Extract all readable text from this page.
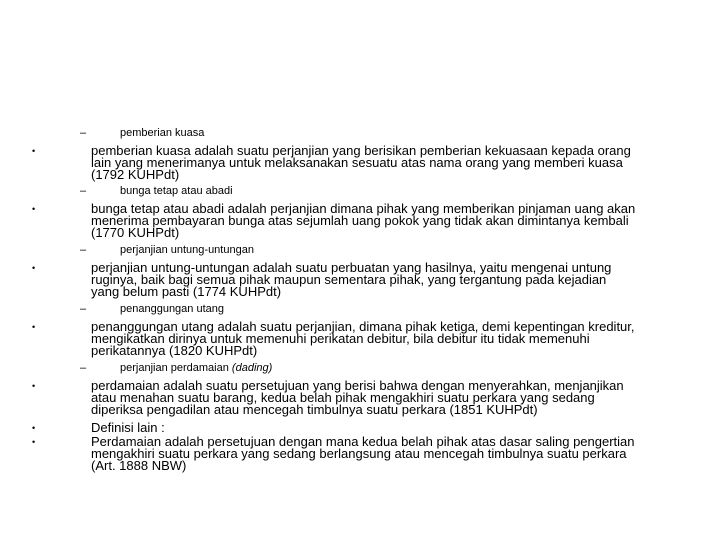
–	pemberian kuasa
•	pemberian kuasa adalah suatu perjanjian yang berisikan pemberian kekuasaan kepada orang
lain yang menerimanya untuk melaksanakan sesuatu atas nama orang yang memberi kuasa
(1792 KUHPdt)
–	bunga tetap atau abadi
•	bunga tetap atau abadi adalah perjanjian dimana pihak yang memberikan pinjaman uang akan
menerima pembayaran bunga atas sejumlah uang pokok yang tidak akan dimintanya kembali
(1770 KUHPdt)
–	perjanjian untung-untungan
•	perjanjian untung-untungan adalah suatu perbuatan yang hasilnya, yaitu mengenai untung
ruginya, baik bagi semua pihak maupun sementara pihak, yang tergantung pada kejadian
yang belum pasti (1774 KUHPdt)
–	penanggungan utang
•	penanggungan utang adalah suatu perjanjian, dimana pihak ketiga, demi kepentingan kreditur,
mengikatkan dirinya untuk memenuhi perikatan debitur, bila debitur itu tidak memenuhi
perikatannya (1820 KUHPdt)
–	perjanjian perdamaian (dading)
•	perdamaian adalah suatu persetujuan yang berisi bahwa dengan menyerahkan, menjanjikan
atau menahan suatu barang, kedua belah pihak mengakhiri suatu perkara yang sedang
diperiksa pengadilan atau mencegah timbulnya suatu perkara (1851 KUHPdt)
•	Definisi lain :
•	Perdamaian adalah persetujuan dengan mana kedua belah pihak atas dasar saling pengertian
mengakhiri suatu perkara yang sedang berlangsung atau mencegah timbulnya suatu perkara
(Art. 1888 NBW)
